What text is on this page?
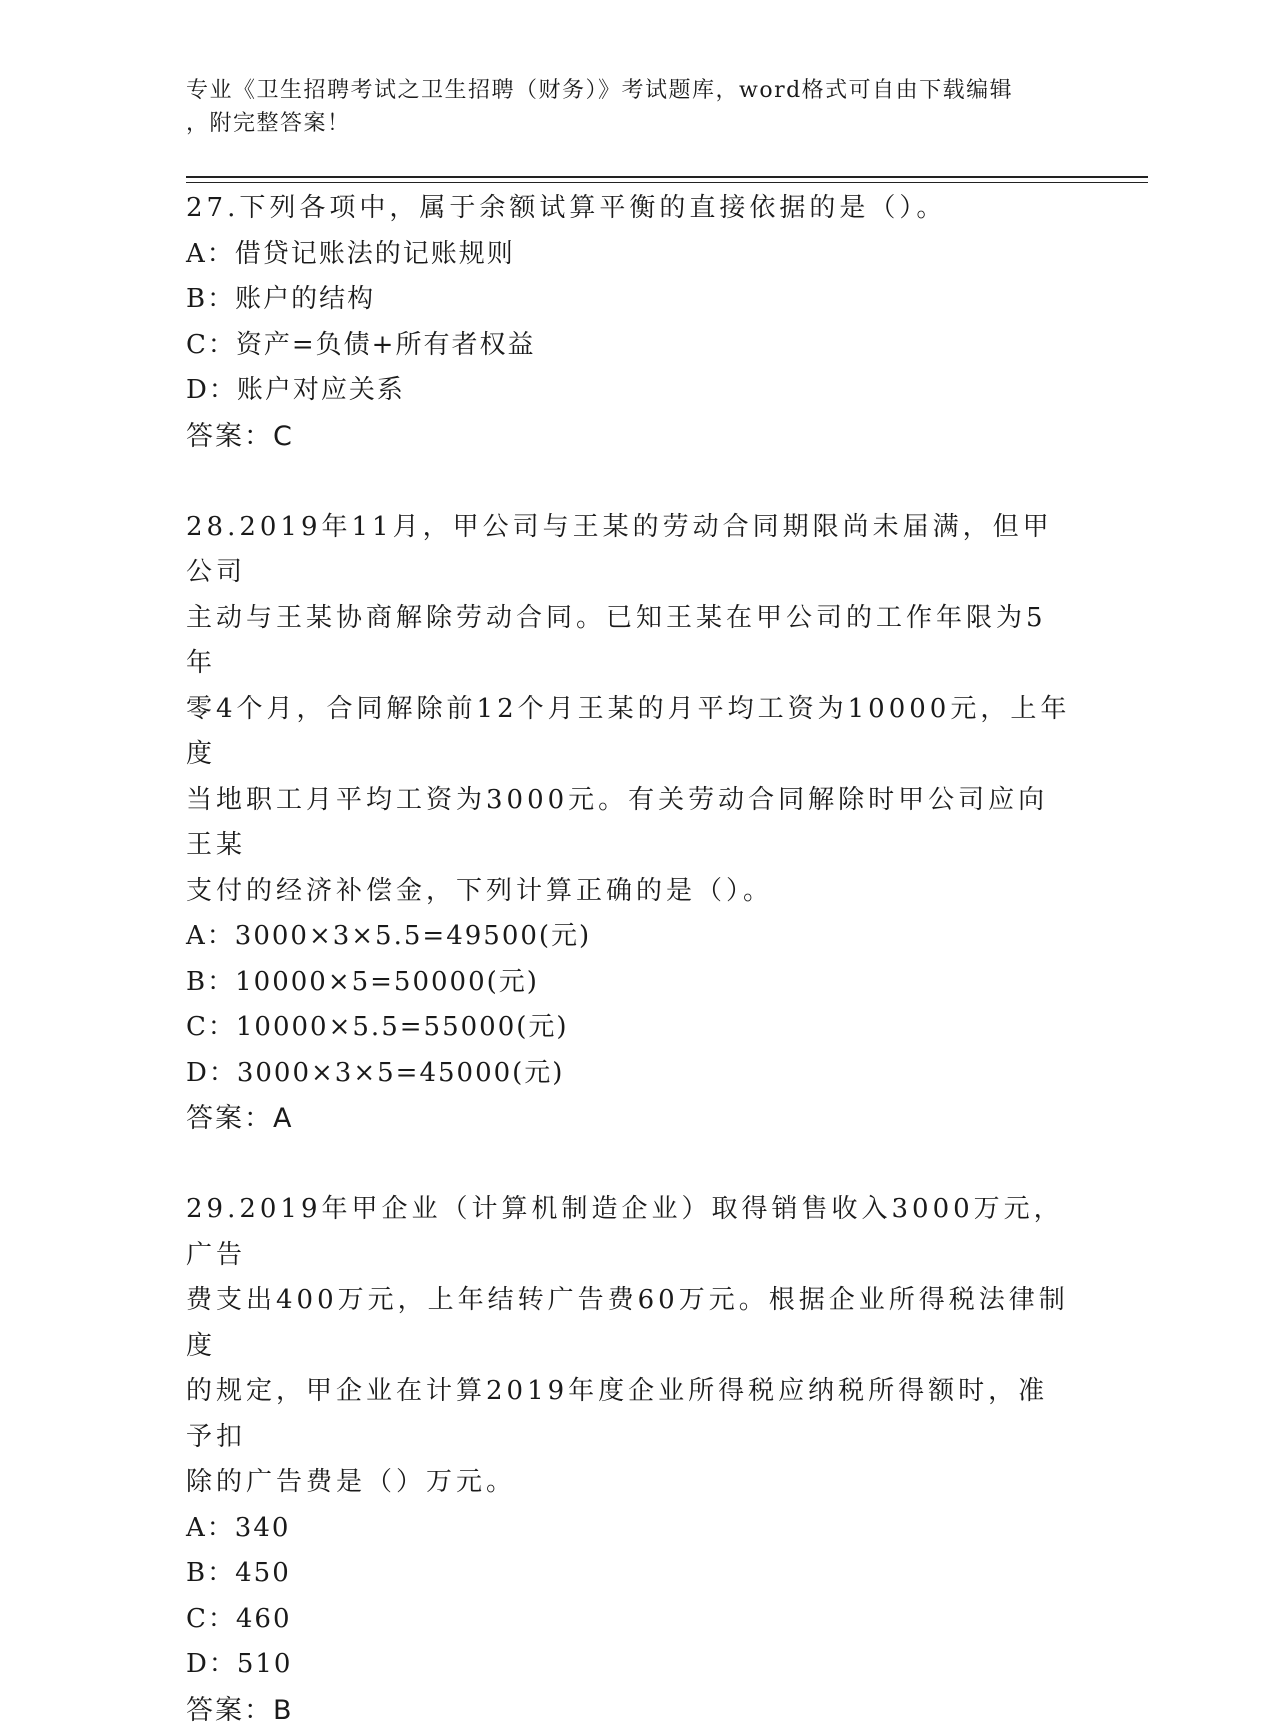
专业《卫生招聘考试之卫生招聘（财务）》考试题库，word格式可自由下载编辑
，附完整答案！

27.下列各项中，属于余额试算平衡的直接依据的是（）。

A：借贷记账法的记账规则

B：账户的结构

C：资产=负债+所有者权益

D：账户对应关系

答案：C

28.2019年11月，甲公司与王某的劳动合同期限尚未届满，但甲公司

主动与王某协商解除劳动合同。已知王某在甲公司的工作年限为5年

零4个月，合同解除前12个月王某的月平均工资为10000元，上年度

当地职工月平均工资为3000元。有关劳动合同解除时甲公司应向王某

支付的经济补偿金，下列计算正确的是（）。

A：3000×3×5.5=49500(元)

B：10000×5=50000(元)

C：10000×5.5=55000(元)

D：3000×3×5=45000(元)

答案：A

29.2019年甲企业（计算机制造企业）取得销售收入3000万元，广告

费支出400万元，上年结转广告费60万元。根据企业所得税法律制度

的规定，甲企业在计算2019年度企业所得税应纳税所得额时，准予扣

除的广告费是（）万元。

A：340

B：450

C：460

D：510

答案：B
